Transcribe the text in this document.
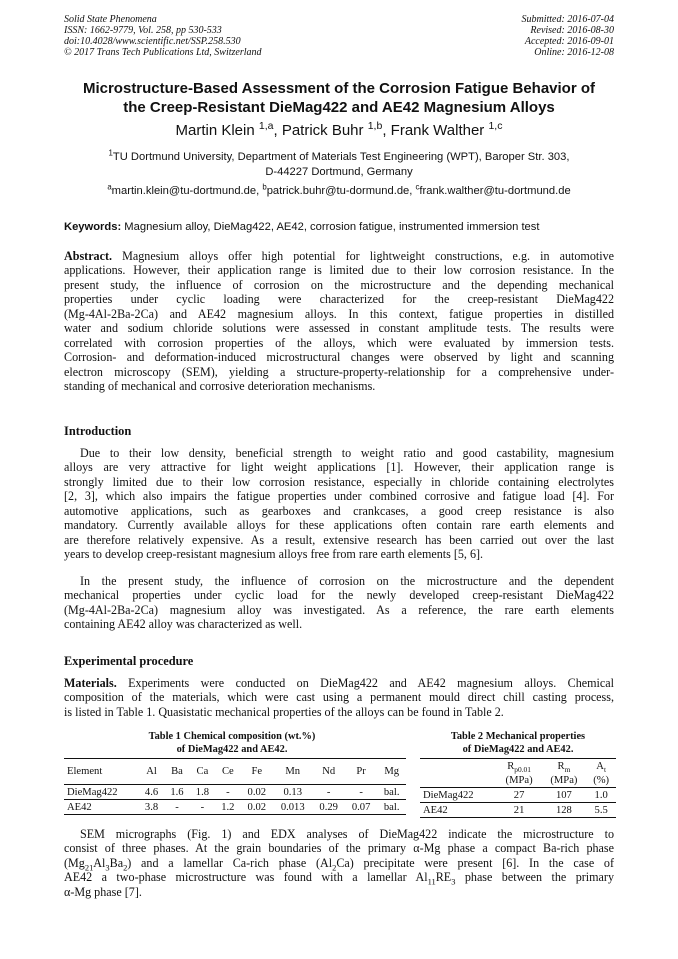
Solid State Phenomena
ISSN: 1662-9779, Vol. 258, pp 530-533
doi:10.4028/www.scientific.net/SSP.258.530
© 2017 Trans Tech Publications Ltd, Switzerland
Submitted: 2016-07-04
Revised: 2016-08-30
Accepted: 2016-09-01
Online: 2016-12-08
Microstructure-Based Assessment of the Corrosion Fatigue Behavior of
the Creep-Resistant DieMag422 and AE42 Magnesium Alloys
Martin Klein $^{1,a}$, Patrick Buhr $^{1,b}$, Frank Walther $^{1,c}$
$^1$TU Dortmund University, Department of Materials Test Engineering (WPT), Baroper Str. 303,
D-44227 Dortmund, Germany
$^a$martin.klein@tu-dortmund.de, $^b$patrick.buhr@tu-dormund.de, $^c$frank.walther@tu-dortmund.de
Keywords: Magnesium alloy, DieMag422, AE42, corrosion fatigue, instrumented immersion test
Abstract. Magnesium alloys offer high potential for lightweight constructions, e.g. in automotive
applications. However, their application range is limited due to their low corrosion resistance. In the
present study, the influence of corrosion on the microstructure and the depending mechanical
properties under cyclic loading were characterized for the creep-resistant DieMag422
(Mg-4Al-2Ba-2Ca) and AE42 magnesium alloys. In this context, fatigue properties in distilled
water and sodium chloride solutions were assessed in constant amplitude tests. The results were
correlated with corrosion properties of the alloys, which were evaluated by immersion tests.
Corrosion- and deformation-induced microstructural changes were observed by light and scanning
electron microscopy (SEM), yielding a structure-property-relationship for a comprehensive under-
standing of mechanical and corrosive deterioration mechanisms.
Introduction
Due to their low density, beneficial strength to weight ratio and good castability, magnesium
alloys are very attractive for light weight applications [1]. However, their application range is
strongly limited due to their low corrosion resistance, especially in chloride containing electrolytes
[2, 3], which also impairs the fatigue properties under combined corrosive and fatigue load [4]. For
automotive applications, such as gearboxes and crankcases, a good creep resistance is also
mandatory. Currently available alloys for these applications often contain rare earth elements and
are therefore relatively expensive. As a result, extensive research has been carried out over the last
years to develop creep-resistant magnesium alloys free from rare earth elements [5, 6].
In the present study, the influence of corrosion on the microstructure and the dependent
mechanical properties under cyclic load for the newly developed creep-resistant DieMag422
(Mg-4Al-2Ba-2Ca) magnesium alloy was investigated. As a reference, the rare earth elements
containing AE42 alloy was characterized as well.
Experimental procedure
Materials. Experiments were conducted on DieMag422 and AE42 magnesium alloys. Chemical
composition of the materials, which were cast using a permanent mould direct chill casting process,
is listed in Table 1. Quasistatic mechanical properties of the alloys can be found in Table 2.
Table 1 Chemical composition (wt.%)
of DieMag422 and AE42.
Element	Al	Ba	Ca	Ce	Fe	Mn	Nd	Pr	Mg
DieMag422	4.6	1.6	1.8	-	0.02	0.13	-	-	bal.
AE42	3.8	-	-	1.2	0.02	0.013	0.29	0.07	bal.
Table 2 Mechanical properties
of DieMag422 and AE42.
	$R_{p0.01}$	$R_m$	$A_t$
	(MPa)	(MPa)	(%)
DieMag422	27	107	1.0
AE42	21	128	5.5
SEM micrographs (Fig. 1) and EDX analyses of DieMag422 indicate the microstructure to
consist of three phases. At the grain boundaries of the primary α-Mg phase a compact Ba-rich phase
$(Mg_{21}Al_3Ba_2)$ and a lamellar Ca-rich phase $(Al_2Ca)$ precipitate were present [6]. In the case of
AE42 a two-phase microstructure was found with a lamellar $Al_{11}RE_3$ phase between the primary
α-Mg phase [7].
